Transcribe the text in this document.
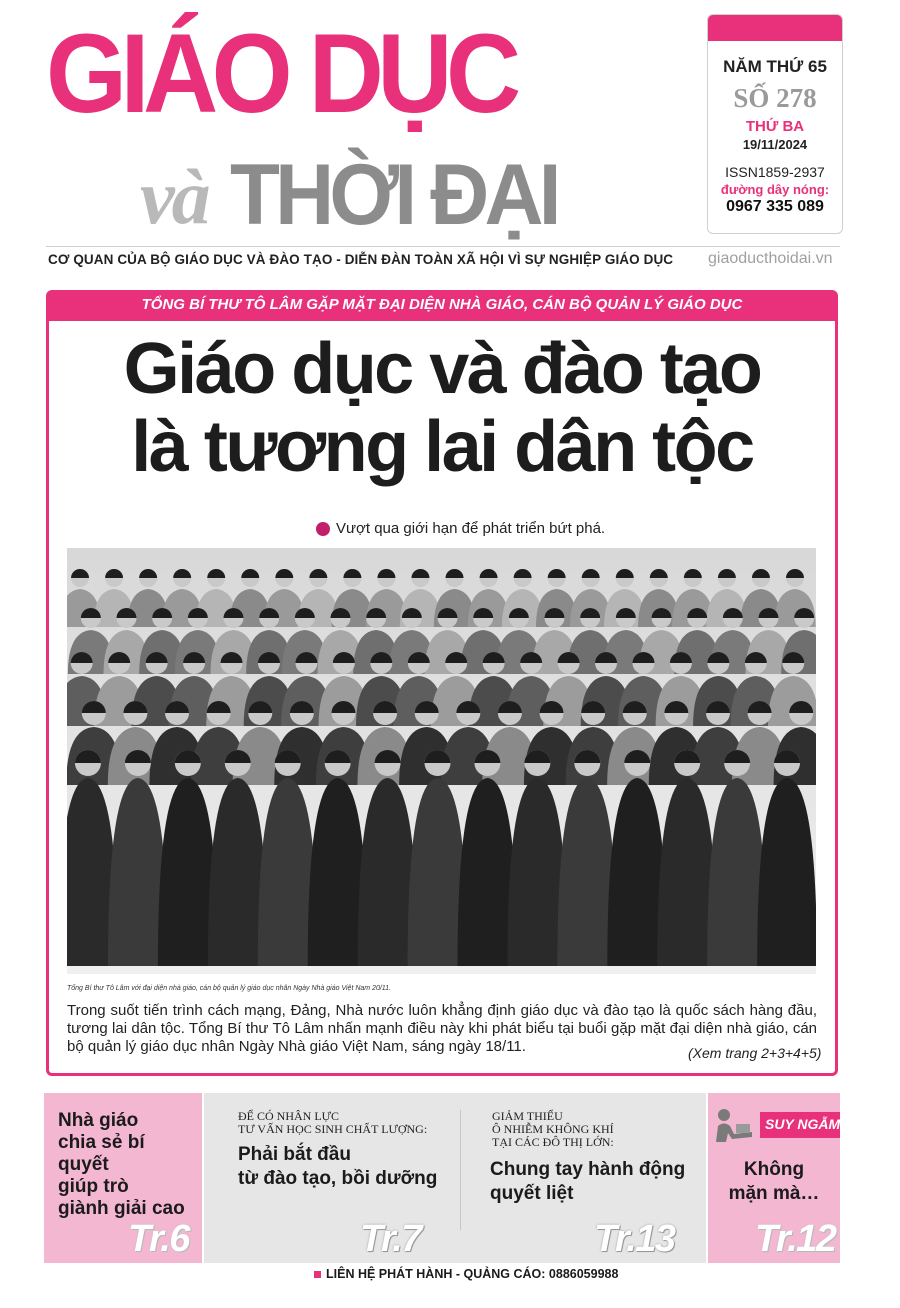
GIÁO DỤC
và THỜI ĐẠI
NĂM THỨ 65
SỐ 278
THỨ BA
19/11/2024
ISSN1859-2937
đường dây nóng:
0967 335 089
CƠ QUAN CỦA BỘ GIÁO DỤC VÀ ĐÀO TẠO - DIỄN ĐÀN TOÀN XÃ HỘI VÌ SỰ NGHIỆP GIÁO DỤC giaoducthoidai.vn
TỔNG BÍ THƯ TÔ LÂM GẶP MẶT ĐẠI DIỆN NHÀ GIÁO, CÁN BỘ QUẢN LÝ GIÁO DỤC
Giáo dục và đào tạo
là tương lai dân tộc
Vượt qua giới hạn để phát triển bứt phá.
Tổng Bí thư Tô Lâm với đại diện nhà giáo, cán bộ quản lý giáo dục nhân Ngày Nhà giáo Việt Nam 20/11.
Trong suốt tiến trình cách mạng, Đảng, Nhà nước luôn khẳng định giáo dục và đào tạo là quốc sách hàng đầu, tương lai dân tộc. Tổng Bí thư Tô Lâm nhấn mạnh điều này khi phát biểu tại buổi gặp mặt đại diện nhà giáo, cán bộ quản lý giáo dục nhân Ngày Nhà giáo Việt Nam, sáng ngày 18/11.	(Xem trang 2+3+4+5)
Nhà giáo
chia sẻ bí quyết
giúp trò
giành giải cao
Tr.6
ĐỂ CÓ NHÂN LỰC
TƯ VẤN HỌC SINH CHẤT LƯỢNG:
Phải bắt đầu
từ đào tạo, bồi dưỡng
Tr.7
GIẢM THIỂU
Ô NHIỄM KHÔNG KHÍ
TẠI CÁC ĐÔ THỊ LỚN:
Chung tay hành động
quyết liệt
Tr.13
SUY NGẪM
Không
mặn mà…
Tr.12
LIÊN HỆ PHÁT HÀNH - QUẢNG CÁO: 0886059988
